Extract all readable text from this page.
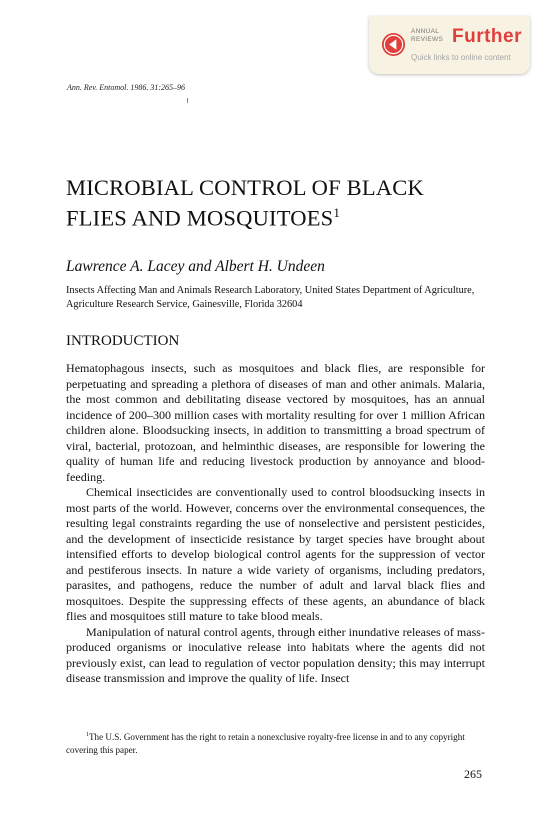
ANNUAL
REVIEWS Further
Quick links to online content
Ann. Rev. Entomol. 1986. 31:265–96
MICROBIAL CONTROL OF BLACK
FLIES AND MOSQUITOES$^1$
Lawrence A. Lacey and Albert H. Undeen
Insects Affecting Man and Animals Research Laboratory, United States Department of Agriculture, Agriculture Research Service, Gainesville, Florida 32604
INTRODUCTION

Hematophagous insects, such as mosquitoes and black flies, are responsible for perpetuating and spreading a plethora of diseases of man and other animals. Malaria, the most common and debilitating disease vectored by mosquitoes, has an annual incidence of 200–300 million cases with mortality resulting for over 1 million African children alone. Bloodsucking insects, in addition to transmitting a broad spectrum of viral, bacterial, protozoan, and helminthic diseases, are responsible for lowering the quality of human life and reducing livestock production by annoyance and blood-feeding.

Chemical insecticides are conventionally used to control bloodsucking insects in most parts of the world. However, concerns over the environmental consequences, the resulting legal constraints regarding the use of nonselective and persistent pesticides, and the development of insecticide resistance by target species have brought about intensified efforts to develop biological control agents for the suppression of vector and pestiferous insects. In nature a wide variety of organisms, including predators, parasites, and pathogens, reduce the number of adult and larval black flies and mosquitoes. Despite the suppressing effects of these agents, an abundance of black flies and mosquitoes still mature to take blood meals.

Manipulation of natural control agents, through either inundative releases of mass-produced organisms or inoculative release into habitats where the agents did not previously exist, can lead to regulation of vector population density; this may interrupt disease transmission and improve the quality of life. Insect

$^1$The U.S. Government has the right to retain a nonexclusive royalty-free license in and to any copyright covering this paper.
265
